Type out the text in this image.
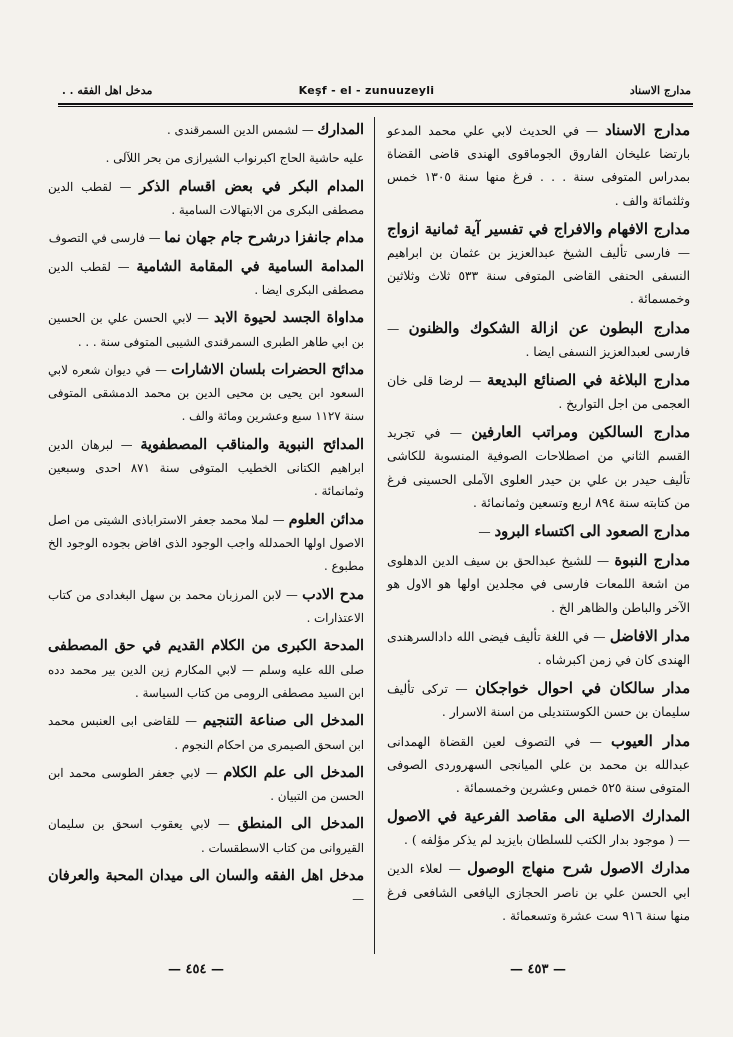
مدارج الاسناد
Keşf - el - zunuuzeyli
مدخل اهل الفقه . .

مدارج الاسناد — في الحديث لابي علي محمد المدعو بارتضا عليخان الفاروق الجوماقوى الهندى قاضى القضاة بمدراس المتوفى سنة . . . فرغ منها سنة ١٣٠٥ خمس وثلثمائة والف .

مدارج الافهام والافراج في تفسير آية ثمانية ازواج — فارسى تأليف الشيخ عبدالعزيز بن عثمان بن ابراهيم النسفى الحنفى القاضى المتوفى سنة ٥٣٣ ثلاث وثلاثين وخمسمائة .

مدارج البطون عن ازالة الشكوك والظنون — فارسى لعبدالعزيز النسفى ايضا .

مدارج البلاغة في الصنائع البديعة — لرضا قلى خان العجمى من اجل التواريخ .

مدارج السالكين ومراتب العارفين — في تجريد القسم الثاني من اصطلاحات الصوفية المنسوبة للكاشى تأليف حيدر بن علي بن حيدر العلوى الآملى الحسينى فرغ من كتابته سنة ٨٩٤ اربع وتسعين وثمانمائة .

مدارج الصعود الى اكتساء البرود —

مدارج النبوة — للشيخ عبدالحق بن سيف الدين الدهلوى من اشعة اللمعات فارسى في مجلدين اولها هو الاول هو الآخر والباطن والظاهر الخ .

مدار الافاضل — في اللغة تأليف فيضى الله دادالسرهندى الهندى كان في زمن اكبرشاه .

مدار سالكان في احوال خواجكان — تركى تأليف سليمان بن حسن الكوستنديلى من اسنة الاسرار .

مدار العيوب — في التصوف لعين القضاة الهمدانى عبدالله بن محمد بن علي الميانجى السهروردى الصوفى المتوفى سنة ٥٢٥ خمس وعشرين وخمسمائة .

المدارك الاصلية الى مقاصد الفرعية في الاصول — ( موجود بدار الكتب للسلطان بايزيد لم يذكر مؤلفه ) .

مدارك الاصول شرح منهاج الوصول — لعلاء الدين ابي الحسن علي بن ناصر الحجازى اليافعى الشافعى فرغ منها سنة ٩١٦ ست عشرة وتسعمائة .

المدارك — لشمس الدين السمرقندى .

عليه حاشية الحاج اكبرنواب الشيرازى من بحر اللآلى .

المدام البكر في بعض اقسام الذكر — لقطب الدين مصطفى البكرى من الابتهالات السامية .

مدام جانفزا درشرح جام جهان نما — فارسى في التصوف

المدامة السامية في المقامة الشامية — لقطب الدين مصطفى البكرى ايضا .

مداواة الجسد لحيوة الابد — لابي الحسن علي بن الحسين بن ابي طاهر الطبرى السمرقندى الشيبى المتوفى سنة . . .

مدائح الحضرات بلسان الاشارات — في ديوان شعره لابي السعود ابن يحيى بن محيى الدين بن محمد الدمشقى المتوفى سنة ١١٢٧ سبع وعشرين ومائة والف .

المدائح النبوية والمناقب المصطفوية — لبرهان الدين ابراهيم الكتانى الخطيب المتوفى سنة ٨٧١ احدى وسبعين وثمانمائة .

مدائن العلوم — لملا محمد جعفر الاستراباذى الشيتى من اصل الاصول اولها الحمدلله واجب الوجود الذى افاض بجوده الوجود الخ مطبوع .

مدح الادب — لابن المرزبان محمد بن سهل البغدادى من كتاب الاعتذارات .

المدحة الكبرى من الكلام القديم في حق المصطفى صلى الله عليه وسلم — لابي المكارم زين الدين بير محمد دده ابن السيد مصطفى الرومى من كتاب السياسة .

المدخل الى صناعة التنجيم — للقاضى ابى العنبس محمد ابن اسحق الصيمرى من احكام النجوم .

المدخل الى علم الكلام — لابي جعفر الطوسى محمد ابن الحسن من التبيان .

المدخل الى المنطق — لابي يعقوب اسحق بن سليمان القيروانى من كتاب الاسطقسات .

مدخل اهل الفقه والسان الى ميدان المحبة والعرفان —

— ٤٥٣ —
— ٤٥٤ —
